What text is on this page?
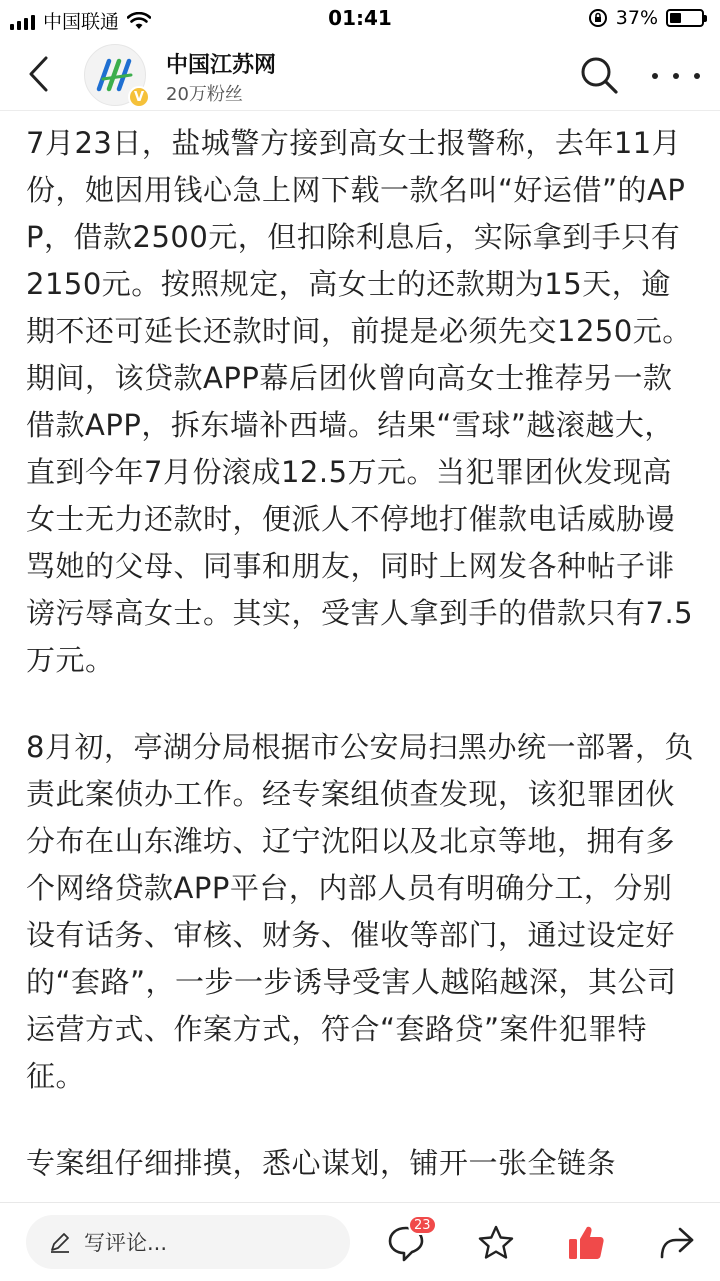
中国联通	01:41	37%
V
中国江苏网
20万粉丝

7月23日，盐城警方接到高女士报警称，去年11月份，她因用钱心急上网下载一款名叫“好运借”的APP，借款2500元，但扣除利息后，实际拿到手只有2150元。按照规定，高女士的还款期为15天，逾期不还可延长还款时间，前提是必须先交1250元。期间，该贷款APP幕后团伙曾向高女士推荐另一款借款APP，拆东墙补西墙。结果“雪球”越滚越大，直到今年7月份滚成12.5万元。当犯罪团伙发现高女士无力还款时，便派人不停地打催款电话威胁谩骂她的父母、同事和朋友，同时上网发各种帖子诽谤污辱高女士。其实，受害人拿到手的借款只有7.5万元。

8月初，亭湖分局根据市公安局扫黑办统一部署，负责此案侦办工作。经专案组侦查发现，该犯罪团伙分布在山东潍坊、辽宁沈阳以及北京等地，拥有多个网络贷款APP平台，内部人员有明确分工，分别设有话务、审核、财务、催收等部门，通过设定好的“套路”，一步一步诱导受害人越陷越深，其公司运营方式、作案方式，符合“套路贷”案件犯罪特征。

专案组仔细排摸，悉心谋划，铺开一张全链条

写评论...
23
